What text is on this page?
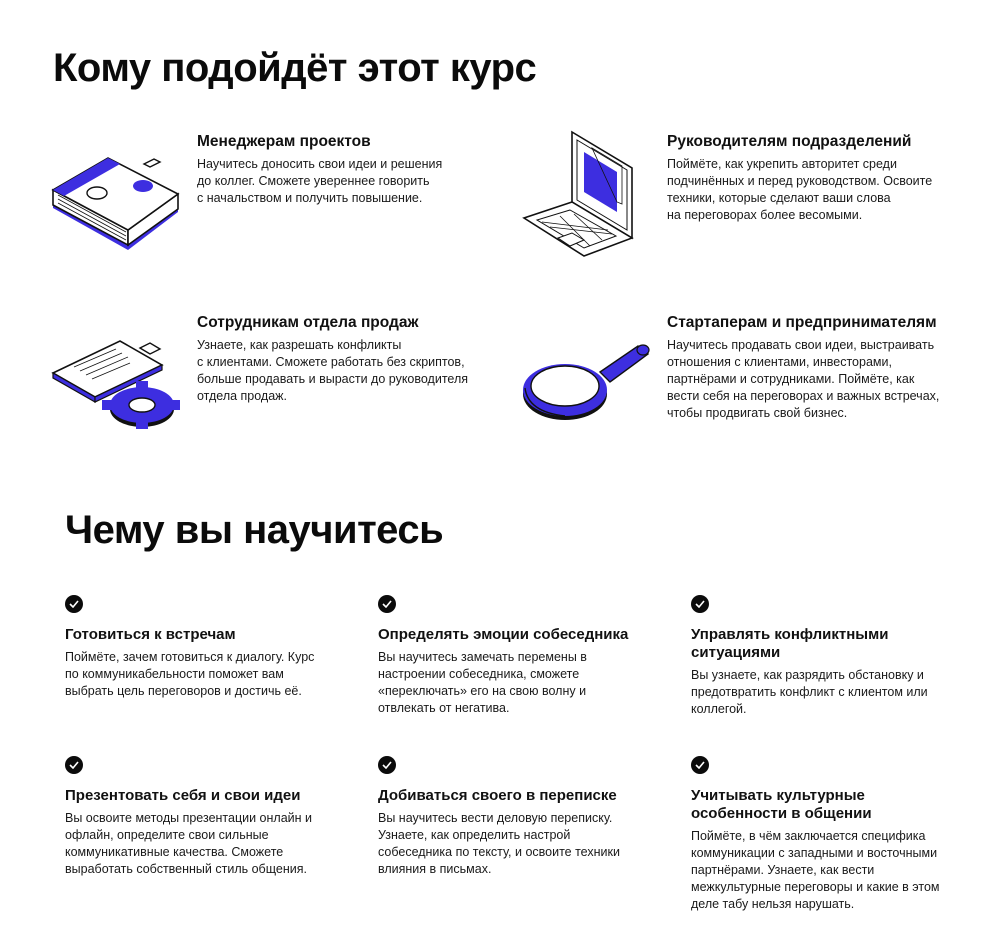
Кому подойдёт этот курс
Менеджерам проектов
Научитесь доносить свои идеи и решения
до коллег. Сможете увереннее говорить
с начальством и получить повышение.
Руководителям подразделений
Поймёте, как укрепить авторитет среди
подчинённых и перед руководством. Освоите
техники, которые сделают ваши слова
на переговорах более весомыми.
Сотрудникам отдела продаж
Узнаете, как разрешать конфликты
с клиентами. Сможете работать без скриптов,
больше продавать и вырасти до руководителя
отдела продаж.
Стартаперам и предпринимателям
Научитесь продавать свои идеи, выстраивать
отношения с клиентами, инвесторами,
партнёрами и сотрудниками. Поймёте, как
вести себя на переговорах и важных встречах,
чтобы продвигать свой бизнес.
Чему вы научитесь
Готовиться к встречам
Поймёте, зачем готовиться к диалогу. Курс
по коммуникабельности поможет вам
выбрать цель переговоров и достичь её.
Определять эмоции собеседника
Вы научитесь замечать перемены в
настроении собеседника, сможете
«переключать» его на свою волну и
отвлекать от негатива.
Управлять конфликтными
ситуациями
Вы узнаете, как разрядить обстановку и
предотвратить конфликт с клиентом или
коллегой.
Презентовать себя и свои идеи
Вы освоите методы презентации онлайн и
офлайн, определите свои сильные
коммуникативные качества. Сможете
выработать собственный стиль общения.
Добиваться своего в переписке
Вы научитесь вести деловую переписку.
Узнаете, как определить настрой
собеседника по тексту, и освоите техники
влияния в письмах.
Учитывать культурные
особенности в общении
Поймёте, в чём заключается специфика
коммуникации с западными и восточными
партнёрами. Узнаете, как вести
межкультурные переговоры и какие в этом
деле табу нельзя нарушать.
